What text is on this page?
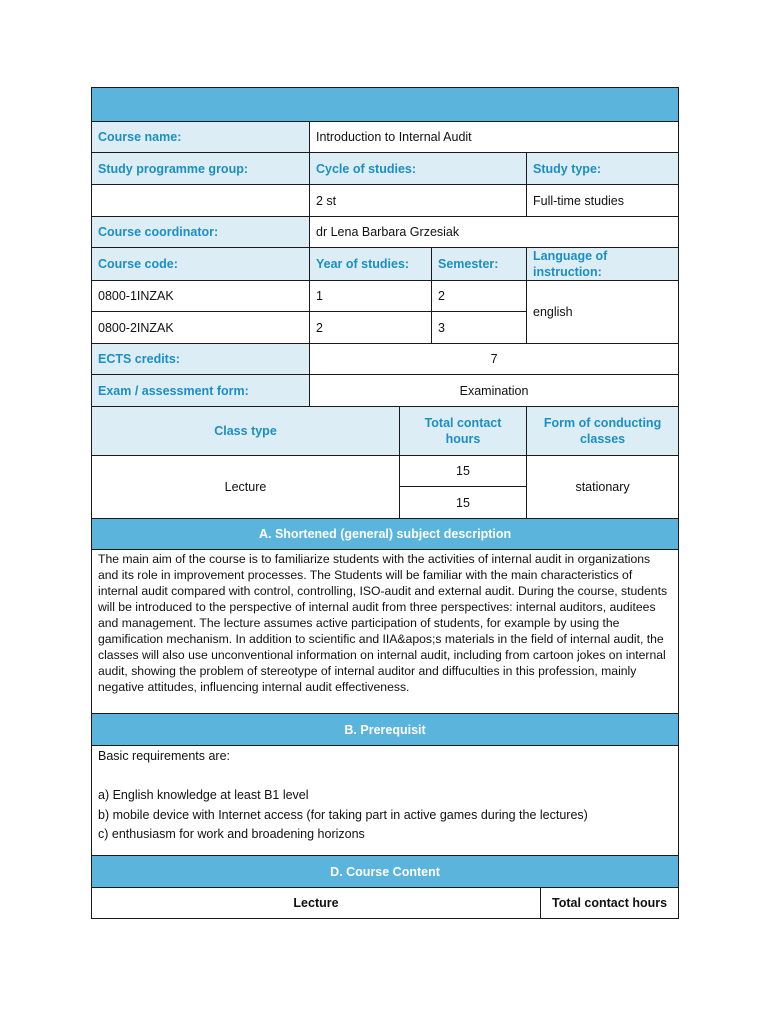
Course name:	Introduction to Internal Audit				
Study programme group:	Cycle of studies:			Study type:	
	2 st			Full-time studies	
Course coordinator:	dr Lena Barbara Grzesiak				
Course code:	Year of studies:		Semester:	Language of instruction:	
0800-1INZAK	1		2	english	
0800-2INZAK	2		3		
ECTS credits:	7				
Exam / assessment form:	Examination				
Class type		Total contact hours		Form of conducting classes	
Lecture		15		stationary	
		15			
A. Shortened (general) subject description					
The main aim of the course is to familiarize students with the activities of internal audit in organizations and its role in improvement processes. The Students will be familiar with the main characteristics of internal audit compared with control, controlling, ISO-audit and external audit. During the course, students will be introduced to the perspective of internal audit from three perspectives: internal auditors, auditees and management. The lecture assumes active participation of students, for example by using the gamification mechanism. In addition to scientific and IIA&apos;s materials in the field of internal audit, the classes will also use unconventional information on internal audit, including from cartoon jokes on internal audit, showing the problem of stereotype of internal auditor and diffuculties in this profession, mainly negative attitudes, influencing internal audit effectiveness.					
B. Prerequisit					

Basic requirements are:
a) English knowledge at least B1 level
b) mobile device with Internet access (for taking part in active games during the lectures)
c) enthusiasm for work and broadening horizons					

D. Course Content					
Lecture					Total contact hours
